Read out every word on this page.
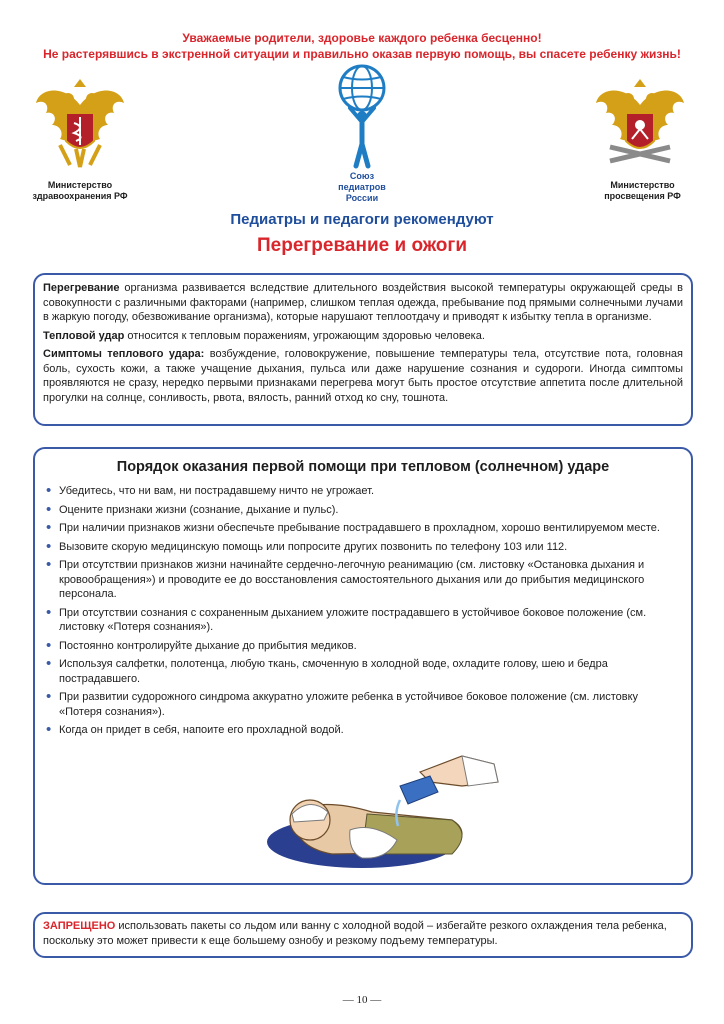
Уважаемые родители, здоровье каждого ребенка бесценно!
Не растерявшись в экстренной ситуации и правильно оказав первую помощь, вы спасете ребенку жизнь!
Министерство
здравоохранения РФ
Союз
педиатров
России
Министерство
просвещения РФ
Педиатры и педагоги рекомендуют
Перегревание и ожоги

Перегревание организма развивается вследствие длительного воздействия высокой температуры окружающей среды в совокупности с различными факторами (например, слишком теплая одежда, пребывание под прямыми солнечными лучами в жаркую погоду, обезвоживание организма), которые нарушают теплоотдачу и приводят к избытку тепла в организме.

Тепловой удар относится к тепловым поражениям, угрожающим здоровью человека.

Симптомы теплового удара: возбуждение, головокружение, повышение температуры тела, отсутствие пота, головная боль, сухость кожи, а также учащение дыхания, пульса или даже нарушение сознания и судороги. Иногда симптомы проявляются не сразу, нередко первыми признаками перегрева могут быть простое отсутствие аппетита после длительной прогулки на солнце, сонливость, рвота, вялость, ранний отход ко сну, тошнота.

Порядок оказания первой помощи при тепловом (солнечном) ударе
• Убедитесь, что ни вам, ни пострадавшему ничто не угрожает.
• Оцените признаки жизни (сознание, дыхание и пульс).
• При наличии признаков жизни обеспечьте пребывание пострадавшего в прохладном, хорошо вентилируемом месте.
• Вызовите скорую медицинскую помощь или попросите других позвонить по телефону 103 или 112.
• При отсутствии признаков жизни начинайте сердечно-легочную реанимацию (см. листовку «Остановка дыхания и кровообращения») и проводите ее до восстановления самостоятельного дыхания или до прибытия медицинского персонала.
• При отсутствии сознания с сохраненным дыханием уложите пострадавшего в устойчивое боковое положение (см. листовку «Потеря сознания»).
• Постоянно контролируйте дыхание до прибытия медиков.
• Используя салфетки, полотенца, любую ткань, смоченную в холодной воде, охладите голову, шею и бедра пострадавшего.
• При развитии судорожного синдрома аккуратно уложите ребенка в устойчивое боковое положение (см. листовку «Потеря сознания»).
• Когда он придет в себя, напоите его прохладной водой.

ЗАПРЕЩЕНО использовать пакеты со льдом или ванну с холодной водой – избегайте резкого охлаждения тела ребенка, поскольку это может привести к еще большему ознобу и резкому подъему температуры.

— 10 —
